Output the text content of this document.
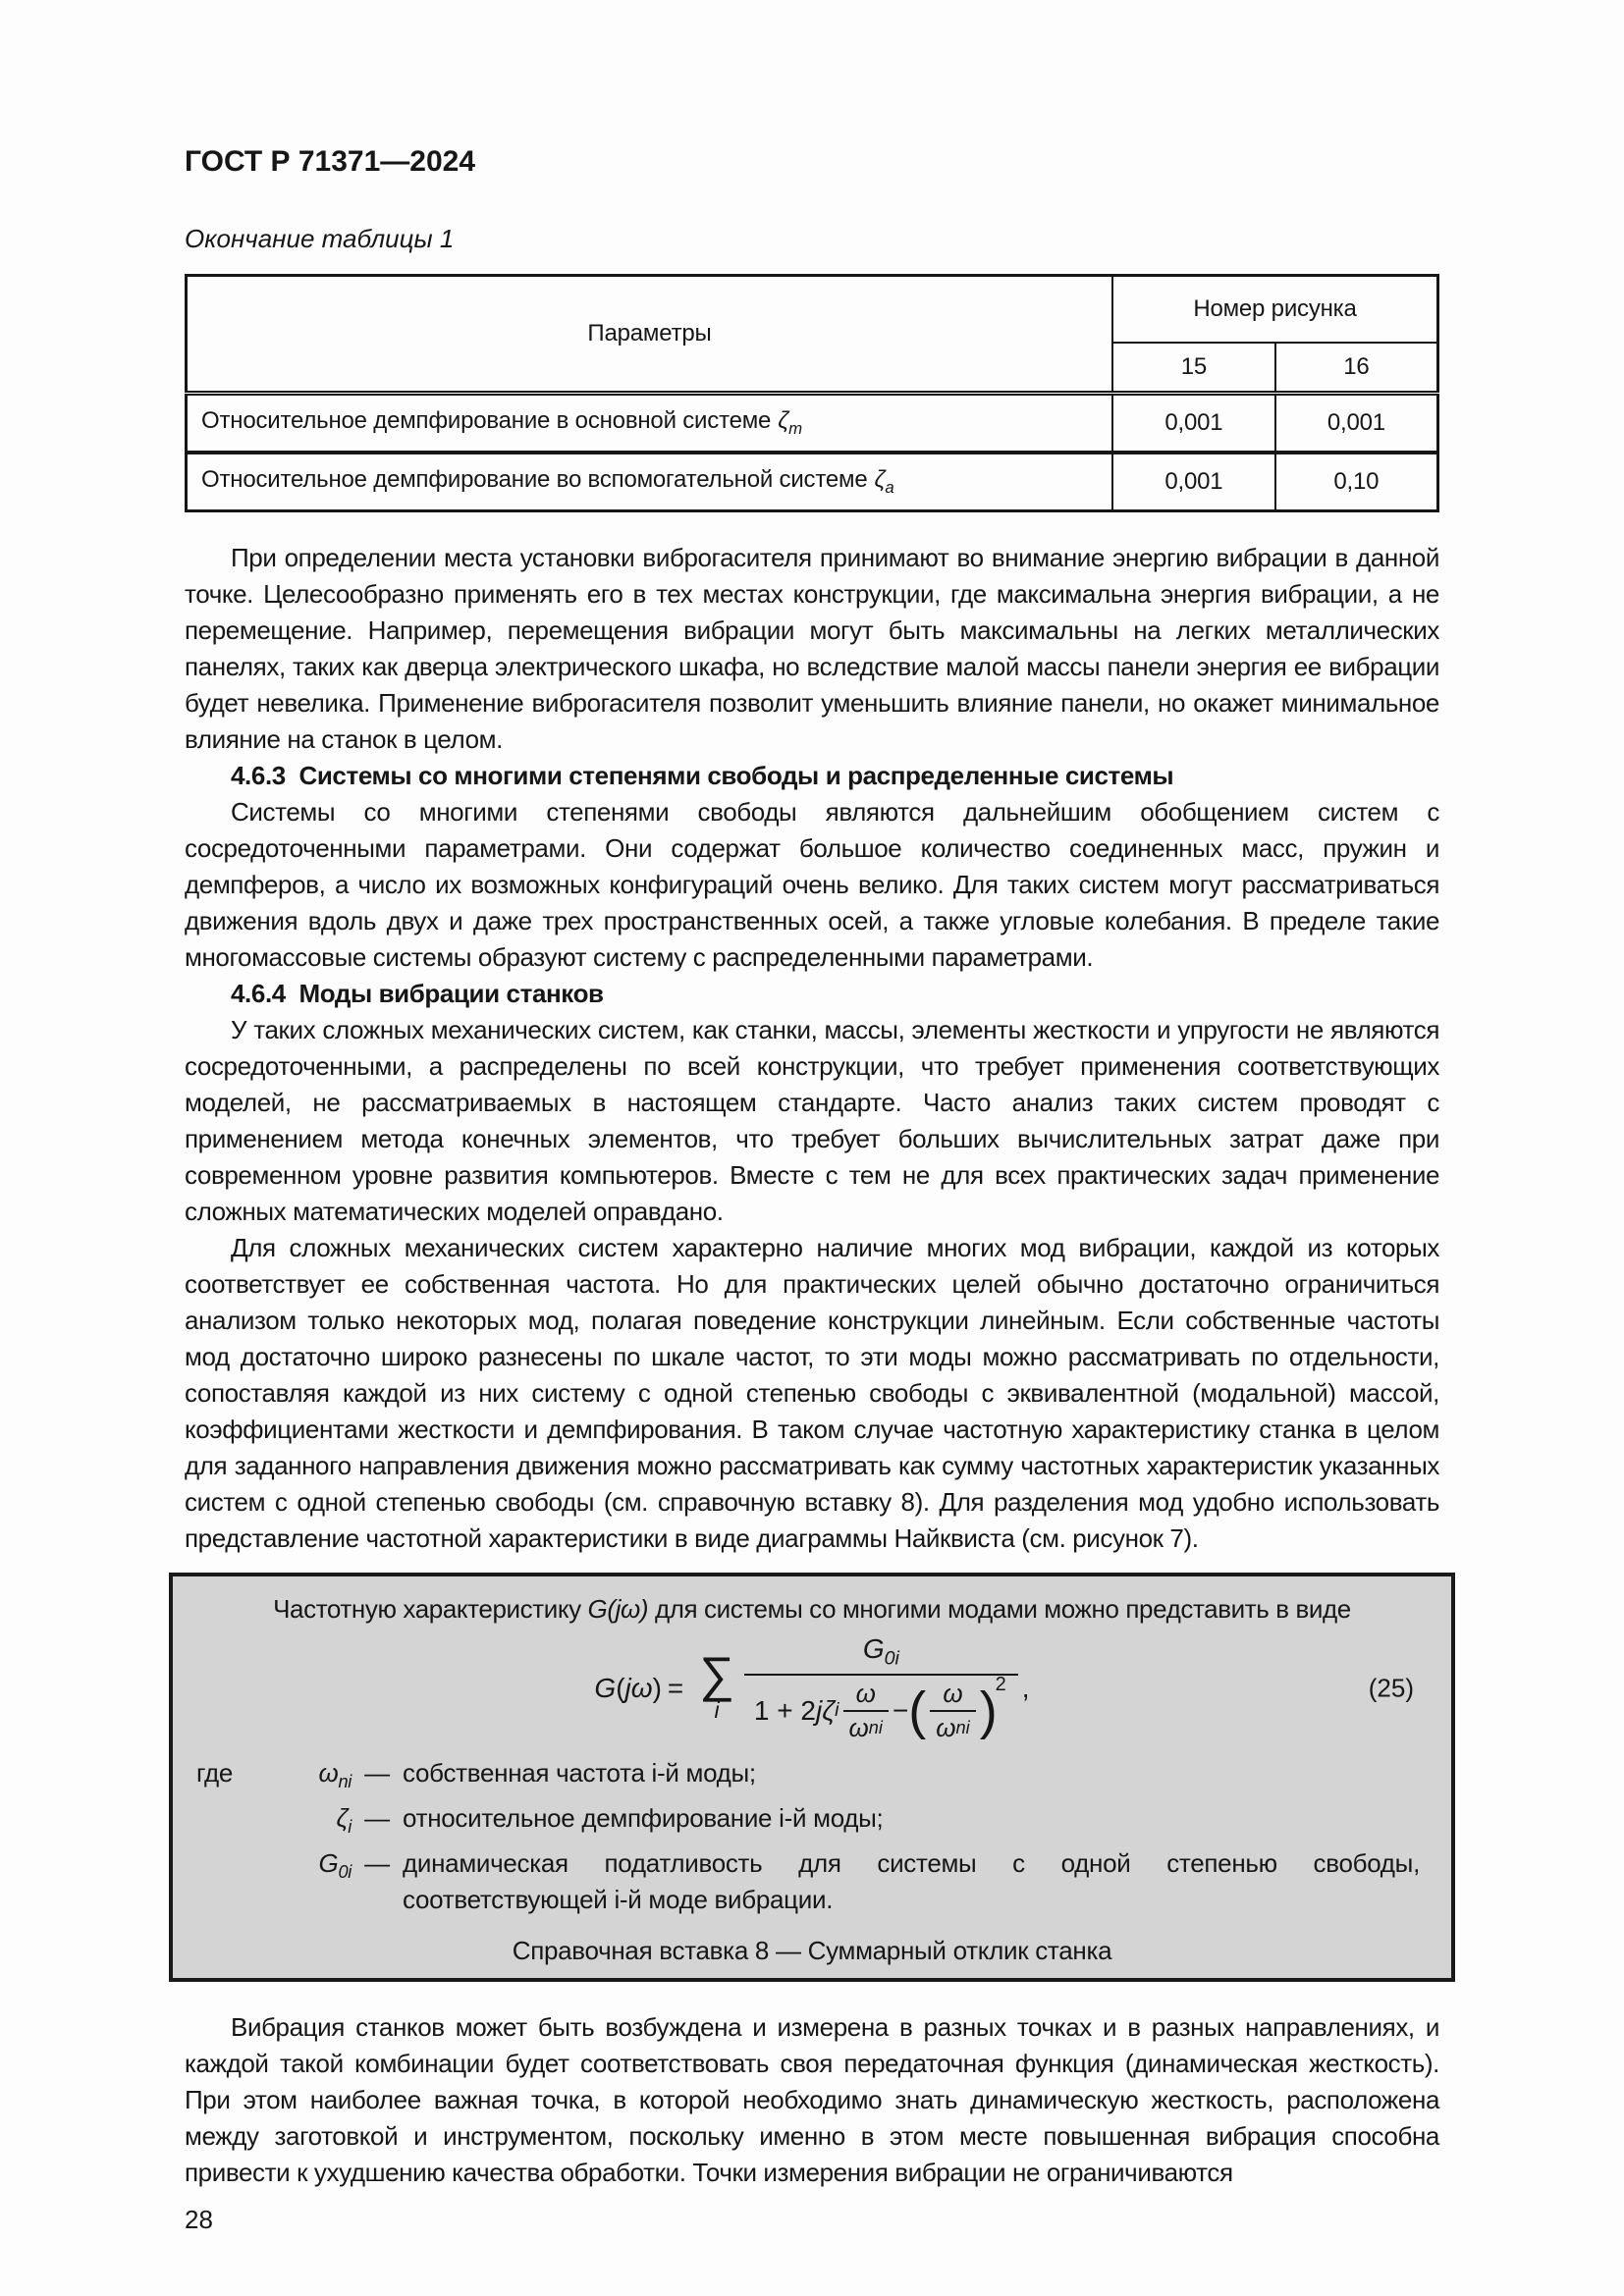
ГОСТ Р 71371—2024
Окончание таблицы 1
Параметры	Номер рисунка	
	15	16
Относительное демпфирование в основной системе $\zeta_m$	0,001	0,001
Относительное демпфирование во вспомогательной системе $\zeta_a$	0,001	0,10

При определении места установки виброгасителя принимают во внимание энергию вибрации в данной точке. Целесообразно применять его в тех местах конструкции, где максимальна энергия вибрации, а не перемещение. Например, перемещения вибрации могут быть максимальны на легких металлических панелях, таких как дверца электрического шкафа, но вследствие малой массы панели энергия ее вибрации будет невелика. Применение виброгасителя позволит уменьшить влияние панели, но окажет минимальное влияние на станок в целом.

4.6.3  Системы со многими степенями свободы и распределенные системы

Системы со многими степенями свободы являются дальнейшим обобщением систем с сосредоточенными параметрами. Они содержат большое количество соединенных масс, пружин и демпферов, а число их возможных конфигураций очень велико. Для таких систем могут рассматриваться движения вдоль двух и даже трех пространственных осей, а также угловые колебания. В пределе такие многомассовые системы образуют систему с распределенными параметрами.

4.6.4  Моды вибрации станков

У таких сложных механических систем, как станки, массы, элементы жесткости и упругости не являются сосредоточенными, а распределены по всей конструкции, что требует применения соответствующих моделей, не рассматриваемых в настоящем стандарте. Часто анализ таких систем проводят с применением метода конечных элементов, что требует больших вычислительных затрат даже при современном уровне развития компьютеров. Вместе с тем не для всех практических задач применение сложных математических моделей оправдано.

Для сложных механических систем характерно наличие многих мод вибрации, каждой из которых соответствует ее собственная частота. Но для практических целей обычно достаточно ограничиться анализом только некоторых мод, полагая поведение конструкции линейным. Если собственные частоты мод достаточно широко разнесены по шкале частот, то эти моды можно рассматривать по отдельности, сопоставляя каждой из них систему с одной степенью свободы с эквивалентной (модальной) массой, коэффициентами жесткости и демпфирования. В таком случае частотную характеристику станка в целом для заданного направления движения можно рассматривать как сумму частотных характеристик указанных систем с одной степенью свободы (см. справочную вставку 8). Для разделения мод удобно использовать представление частотной характеристики в виде диаграммы Найквиста (см. рисунок 7).

Частотную характеристику G(jω) для системы со многими модами можно представить в виде
G(jω) = ∑
i
$G_{0i}$
1 + 2 jζ i $\frac{\omega}{\text{ω ni}}$ − ( $\frac{\omega}{\text{ω ni}}$ )
2 ,	(25)
где	$\omega_{ni}$ — собственная частота i-й моды;
$\zeta_i$ — относительное демпфирование i-й моды;
$G_{0i}$ — динамическая податливость для системы с одной степенью свободы, соответствующей i-й моде вибрации.
Справочная вставка 8 — Суммарный отклик станка

Вибрация станков может быть возбуждена и измерена в разных точках и в разных направлениях, и каждой такой комбинации будет соответствовать своя передаточная функция (динамическая жесткость). При этом наиболее важная точка, в которой необходимо знать динамическую жесткость, расположена между заготовкой и инструментом, поскольку именно в этом месте повышенная вибрация способна привести к ухудшению качества обработки. Точки измерения вибрации не ограничиваются

28
